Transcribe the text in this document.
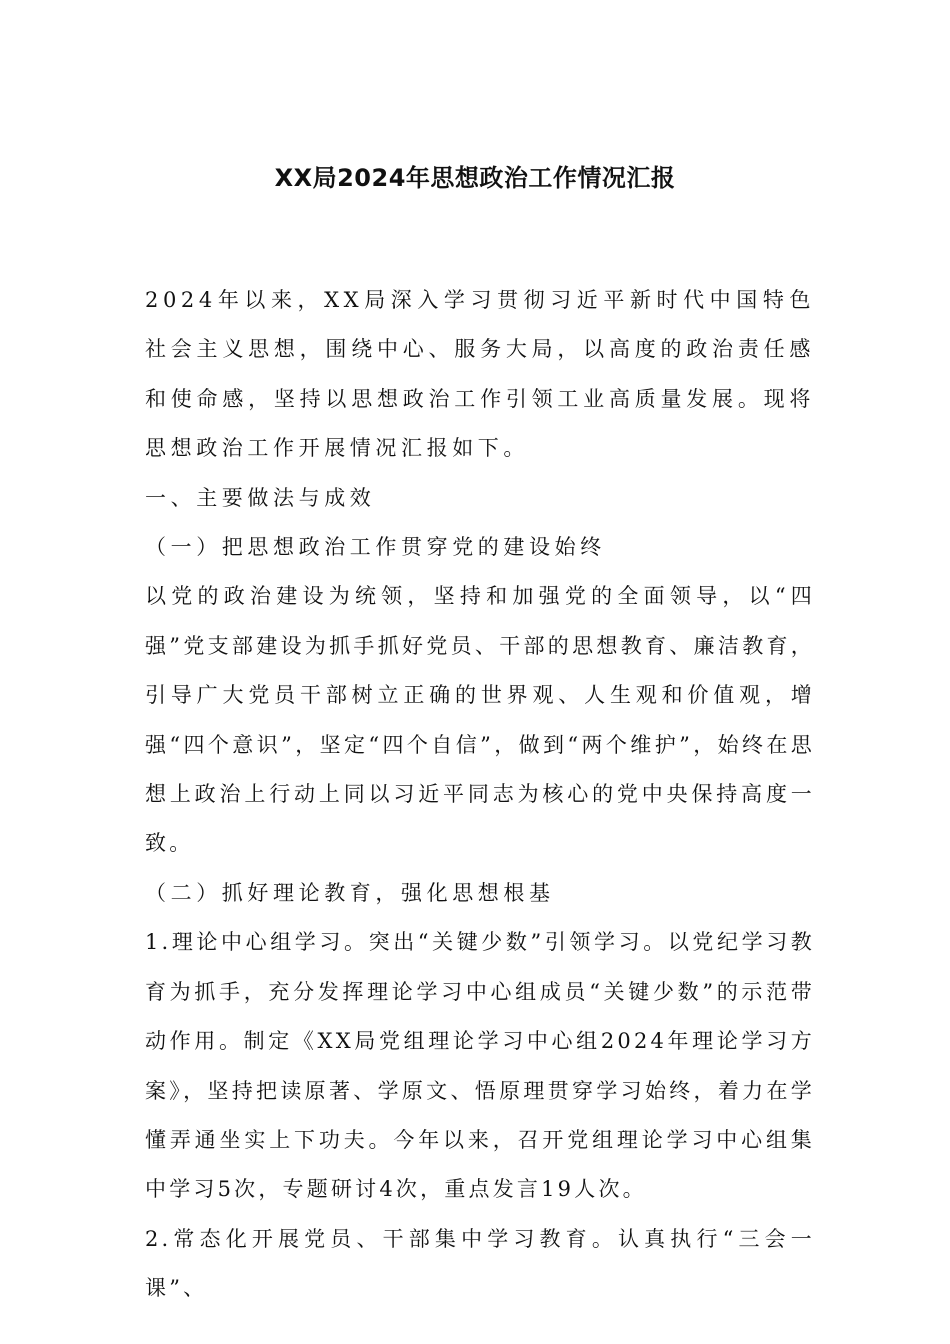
XX局2024年思想政治工作情况汇报

2024年以来，XX局深入学习贯彻习近平新时代中国特色社会主义思想，围绕中心、服务大局，以高度的政治责任感和使命感，坚持以思想政治工作引领工业高质量发展。现将思想政治工作开展情况汇报如下。

一、主要做法与成效

（一）把思想政治工作贯穿党的建设始终

以党的政治建设为统领，坚持和加强党的全面领导，以“四强”党支部建设为抓手抓好党员、干部的思想教育、廉洁教育，引导广大党员干部树立正确的世界观、人生观和价值观，增强“四个意识”，坚定“四个自信”，做到“两个维护”，始终在思想上政治上行动上同以习近平同志为核心的党中央保持高度一致。

（二）抓好理论教育，强化思想根基

1.理论中心组学习。突出“关键少数”引领学习。以党纪学习教育为抓手，充分发挥理论学习中心组成员“关键少数”的示范带动作用。制定《XX局党组理论学习中心组2024年理论学习方案》，坚持把读原著、学原文、悟原理贯穿学习始终，着力在学懂弄通坐实上下功夫。今年以来，召开党组理论学习中心组集中学习5次，专题研讨4次，重点发言19人次。

2.常态化开展党员、干部集中学习教育。认真执行“三会一课”、
